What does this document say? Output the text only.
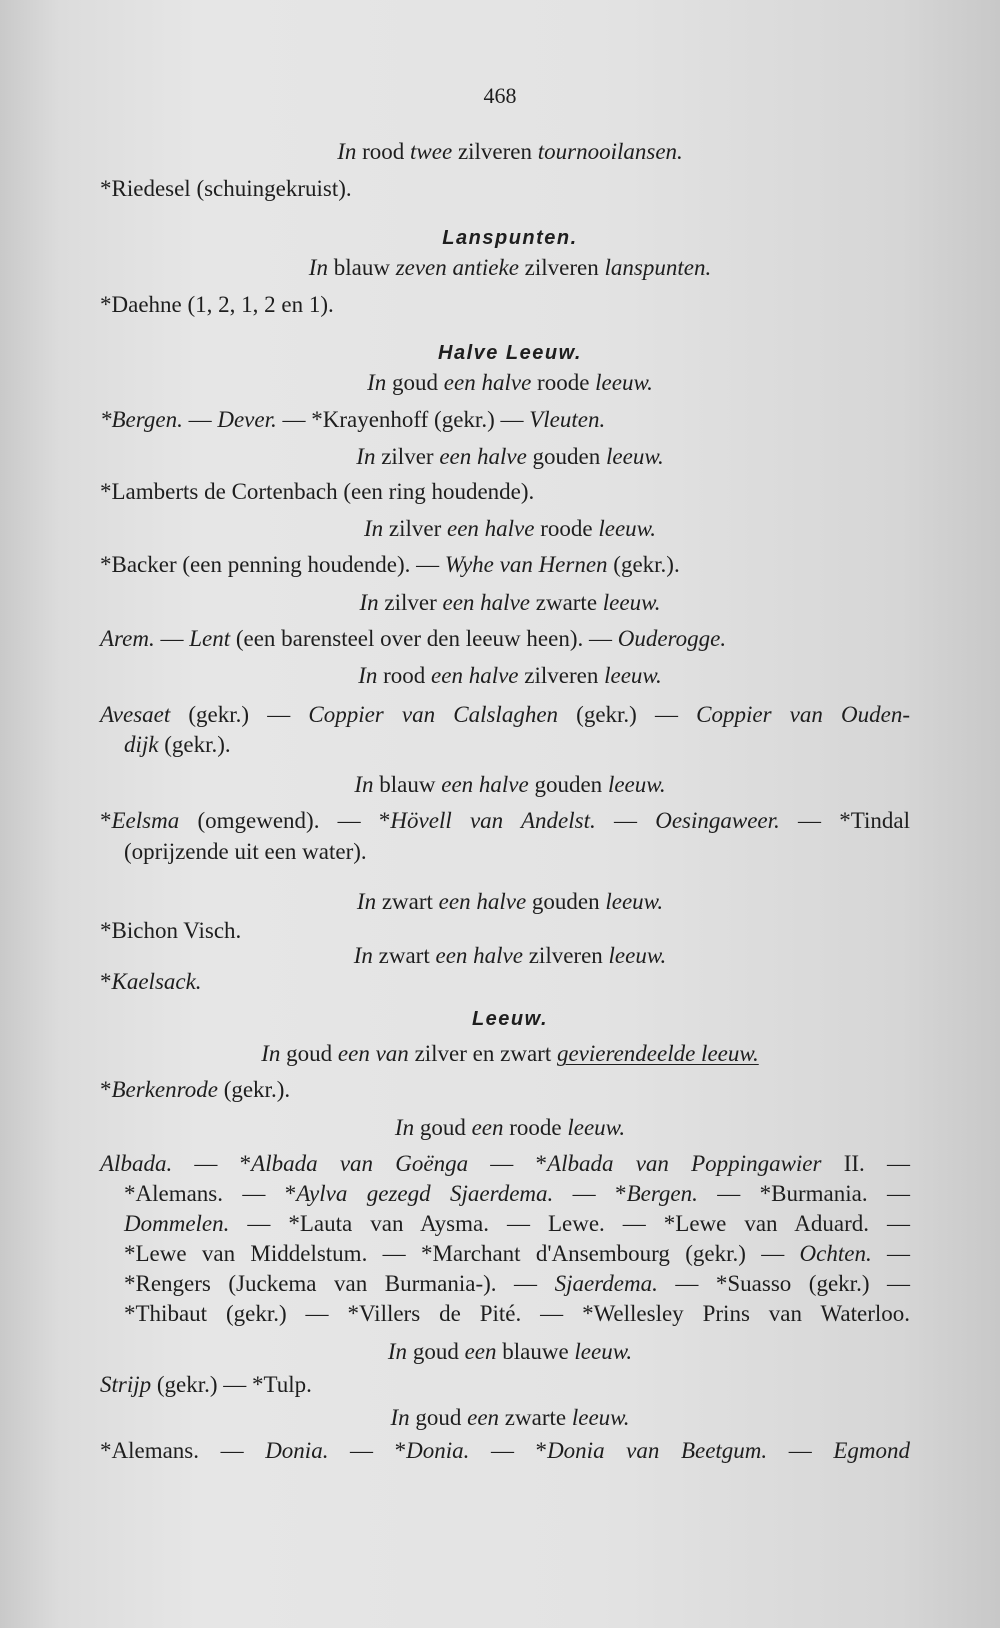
468
In rood twee zilveren tournooilansen.
*Riedesel (schuingekruist).
Lanspunten.
In blauw zeven antieke zilveren lanspunten.
*Daehne (1, 2, 1, 2 en 1).
Halve Leeuw.
In goud een halve roode leeuw.
*Bergen. — Dever. — *Krayenhoff (gekr.) — Vleuten.
In zilver een halve gouden leeuw.
*Lamberts de Cortenbach (een ring houdende).
In zilver een halve roode leeuw.
*Backer (een penning houdende). — Wyhe van Hernen (gekr.).
In zilver een halve zwarte leeuw.
Arem. — Lent (een barensteel over den leeuw heen). — Ouderogge.
In rood een halve zilveren leeuw.
Avesaet (gekr.) — Coppier van Calslaghen (gekr.) — Coppier van Ouden-
dijk (gekr.).
In blauw een halve gouden leeuw.
*Eelsma (omgewend). — *Hövell van Andelst. — Oesingaweer. — *Tindal
(oprijzende uit een water).
In zwart een halve gouden leeuw.
*Bichon Visch.
In zwart een halve zilveren leeuw.
*Kaelsack.
Leeuw.
In goud een van zilver en zwart gevierendeelde leeuw.
*Berkenrode (gekr.).
In goud een roode leeuw.
Albada. — *Albada van Goënga — *Albada van Poppingawier II. —
*Alemans. — *Aylva gezegd Sjaerdema. — *Bergen. — *Burmania. —
Dommelen. — *Lauta van Aysma. — Lewe. — *Lewe van Aduard. —
*Lewe van Middelstum. — *Marchant d'Ansembourg (gekr.) — Ochten. —
*Rengers (Juckema van Burmania-). — Sjaerdema. — *Suasso (gekr.) —
*Thibaut (gekr.) — *Villers de Pité. — *Wellesley Prins van Waterloo.
In goud een blauwe leeuw.
Strijp (gekr.) — *Tulp.
In goud een zwarte leeuw.
*Alemans. — Donia. — *Donia. — *Donia van Beetgum. — Egmond
